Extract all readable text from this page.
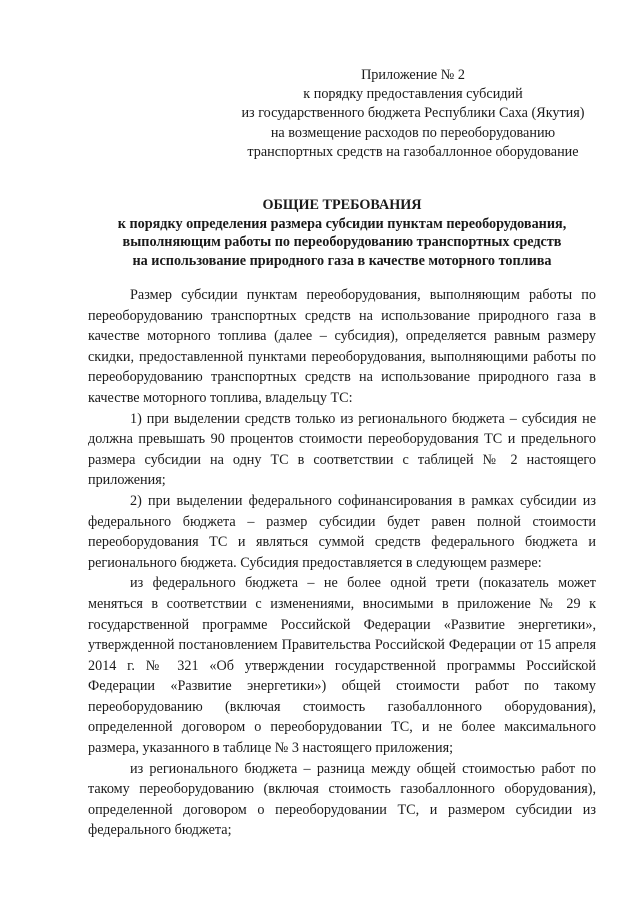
Приложение № 2
к порядку предоставления субсидий
из государственного бюджета Республики Саха (Якутия)
на возмещение расходов по переоборудованию
транспортных средств на газобаллонное оборудование
ОБЩИЕ ТРЕБОВАНИЯ
к порядку определения размера субсидии пунктам переоборудования,
выполняющим работы по переоборудованию транспортных средств
на использование природного газа в качестве моторного топлива

Размер субсидии пунктам переоборудования, выполняющим работы по переоборудованию транспортных средств на использование природного газа в качестве моторного топлива (далее – субсидия), определяется равным размеру скидки, предоставленной пунктами переоборудования, выполняющими работы по переоборудованию транспортных средств на использование природного газа в качестве моторного топлива, владельцу ТС:

1) при выделении средств только из регионального бюджета – субсидия не должна превышать 90 процентов стоимости переоборудования ТС и предельного размера субсидии на одну ТС в соответствии с таблицей № 2 настоящего приложения;

2) при выделении федерального софинансирования в рамках субсидии из федерального бюджета – размер субсидии будет равен полной стоимости переоборудования ТС и являться суммой средств федерального бюджета и регионального бюджета. Субсидия предоставляется в следующем размере:

из федерального бюджета – не более одной трети (показатель может меняться в соответствии с изменениями, вносимыми в приложение № 29 к государственной программе Российской Федерации «Развитие энергетики», утвержденной постановлением Правительства Российской Федерации от 15 апреля 2014 г. № 321 «Об утверждении государственной программы Российской Федерации «Развитие энергетики») общей стоимости работ по такому переоборудованию (включая стоимость газобаллонного оборудования), определенной договором о переоборудовании ТС, и не более максимального размера, указанного в таблице № 3 настоящего приложения;

из регионального бюджета – разница между общей стоимостью работ по такому переоборудованию (включая стоимость газобаллонного оборудования), определенной договором о переоборудовании ТС, и размером субсидии из федерального бюджета;
